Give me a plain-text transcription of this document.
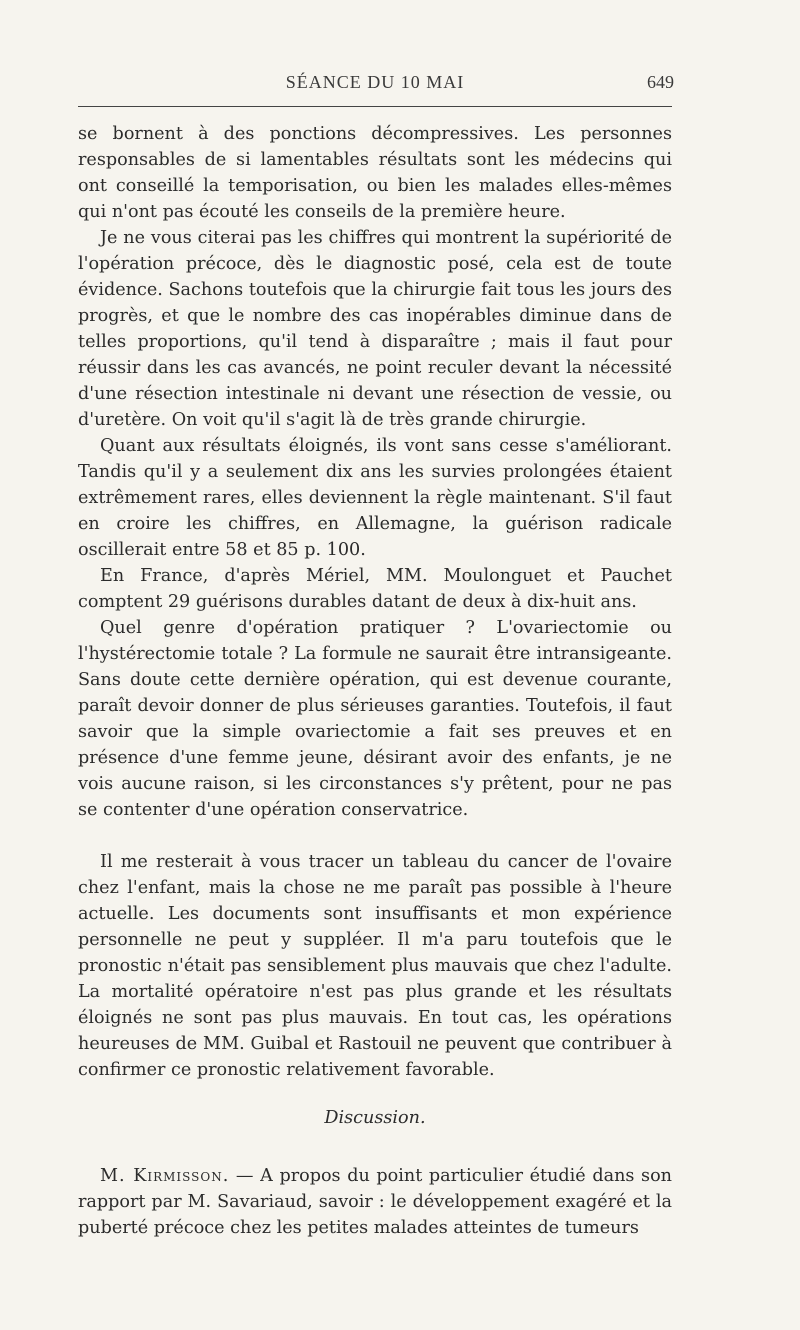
SÉANCE DU 10 MAI	649

se bornent à des ponctions décompressives. Les personnes responsables de si lamentables résultats sont les médecins qui ont conseillé la temporisation, ou bien les malades elles-mêmes qui n'ont pas écouté les conseils de la première heure.

Je ne vous citerai pas les chiffres qui montrent la supériorité de l'opération précoce, dès le diagnostic posé, cela est de toute évidence. Sachons toutefois que la chirurgie fait tous les jours des progrès, et que le nombre des cas inopérables diminue dans de telles proportions, qu'il tend à disparaître ; mais il faut pour réussir dans les cas avancés, ne point reculer devant la nécessité d'une résection intestinale ni devant une résection de vessie, ou d'uretère. On voit qu'il s'agit là de très grande chirurgie.

Quant aux résultats éloignés, ils vont sans cesse s'améliorant. Tandis qu'il y a seulement dix ans les survies prolongées étaient extrêmement rares, elles deviennent la règle maintenant. S'il faut en croire les chiffres, en Allemagne, la guérison radicale oscillerait entre 58 et 85 p. 100.

En France, d'après Mériel, MM. Moulonguet et Pauchet comptent 29 guérisons durables datant de deux à dix-huit ans.

Quel genre d'opération pratiquer ? L'ovariectomie ou l'hystérectomie totale ? La formule ne saurait être intransigeante. Sans doute cette dernière opération, qui est devenue courante, paraît devoir donner de plus sérieuses garanties. Toutefois, il faut savoir que la simple ovariectomie a fait ses preuves et en présence d'une femme jeune, désirant avoir des enfants, je ne vois aucune raison, si les circonstances s'y prêtent, pour ne pas se contenter d'une opération conservatrice.

Il me resterait à vous tracer un tableau du cancer de l'ovaire chez l'enfant, mais la chose ne me paraît pas possible à l'heure actuelle. Les documents sont insuffisants et mon expérience personnelle ne peut y suppléer. Il m'a paru toutefois que le pronostic n'était pas sensiblement plus mauvais que chez l'adulte. La mortalité opératoire n'est pas plus grande et les résultats éloignés ne sont pas plus mauvais. En tout cas, les opérations heureuses de MM. Guibal et Rastouil ne peuvent que contribuer à confirmer ce pronostic relativement favorable.

Discussion.

M. Kirmisson. — A propos du point particulier étudié dans son rapport par M. Savariaud, savoir : le développement exagéré et la puberté précoce chez les petites malades atteintes de tumeurs
